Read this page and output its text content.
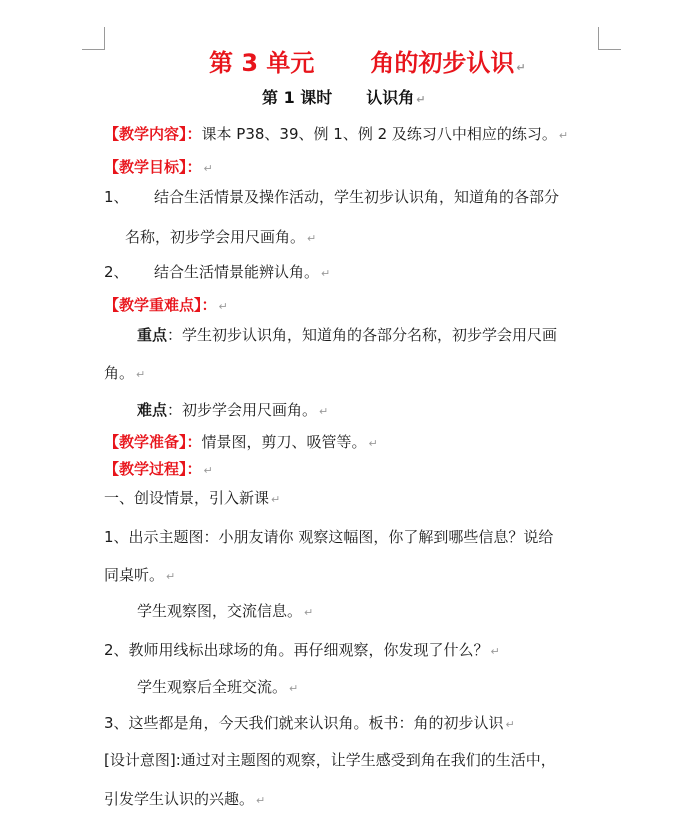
第 3 单元 角的初步认识 ↵
第 1 课时 认识角 ↵
【教学内容】：课本 P38、39、例 1、例 2 及练习八中相应的练习。 ↵
【教学目标】： ↵
1、 结合生活情景及操作活动，学生初步认识角，知道角的各部分
名称，初步学会用尺画角。 ↵
2、 结合生活情景能辨认角。 ↵
【教学重难点】： ↵
重点：学生初步认识角，知道角的各部分名称，初步学会用尺画
角。 ↵
难点：初步学会用尺画角。 ↵
【教学准备】：情景图，剪刀、吸管等。 ↵
【教学过程】： ↵
一、创设情景，引入新课 ↵
1、出示主题图：小朋友请你 观察这幅图，你了解到哪些信息？说给
同桌听。 ↵
学生观察图，交流信息。 ↵
2、教师用线标出球场的角。再仔细观察，你发现了什么？ ↵
学生观察后全班交流。 ↵
3、这些都是角，今天我们就来认识角。板书：角的初步认识 ↵
[设计意图]:通过对主题图的观察，让学生感受到角在我们的生活中，
引发学生认识的兴趣。 ↵
